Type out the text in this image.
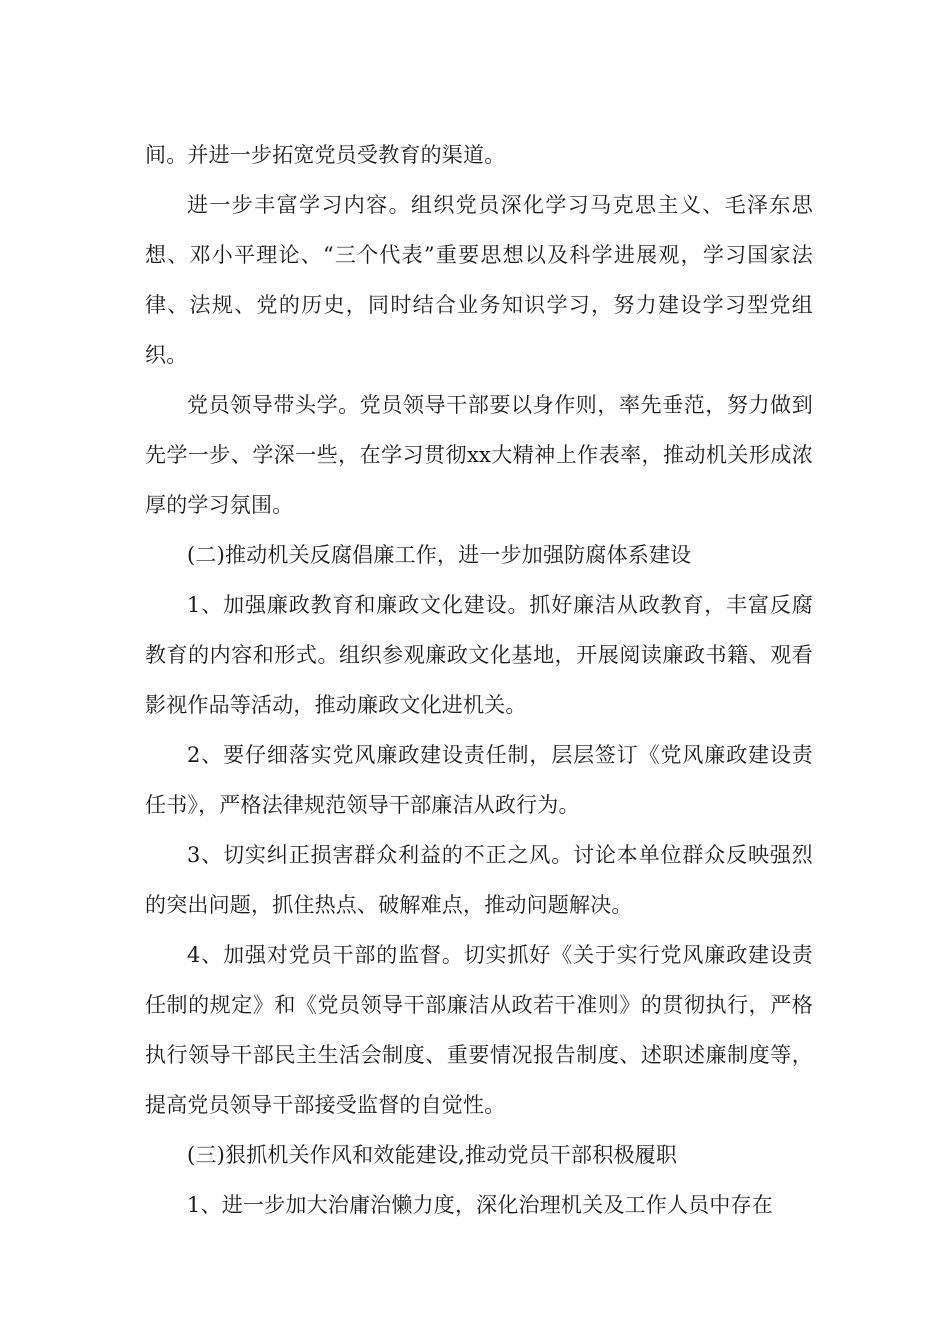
间。并进一步拓宽党员受教育的渠道。

进一步丰富学习内容。组织党员深化学习马克思主义、毛泽东思想、邓小平理论、“三个代表”重要思想以及科学进展观，学习国家法律、法规、党的历史，同时结合业务知识学习，努力建设学习型党组织。

党员领导带头学。党员领导干部要以身作则，率先垂范，努力做到先学一步、学深一些，在学习贯彻xx大精神上作表率，推动机关形成浓厚的学习氛围。

(二)推动机关反腐倡廉工作，进一步加强防腐体系建设

1、加强廉政教育和廉政文化建设。抓好廉洁从政教育，丰富反腐教育的内容和形式。组织参观廉政文化基地，开展阅读廉政书籍、观看影视作品等活动，推动廉政文化进机关。

2、要仔细落实党风廉政建设责任制，层层签订《党风廉政建设责任书》，严格法律规范领导干部廉洁从政行为。

3、切实纠正损害群众利益的不正之风。讨论本单位群众反映强烈的突出问题，抓住热点、破解难点，推动问题解决。

4、加强对党员干部的监督。切实抓好《关于实行党风廉政建设责任制的规定》和《党员领导干部廉洁从政若干准则》的贯彻执行，严格执行领导干部民主生活会制度、重要情况报告制度、述职述廉制度等，提高党员领导干部接受监督的自觉性。

(三)狠抓机关作风和效能建设,推动党员干部积极履职

1、进一步加大治庸治懒力度，深化治理机关及工作人员中存在
